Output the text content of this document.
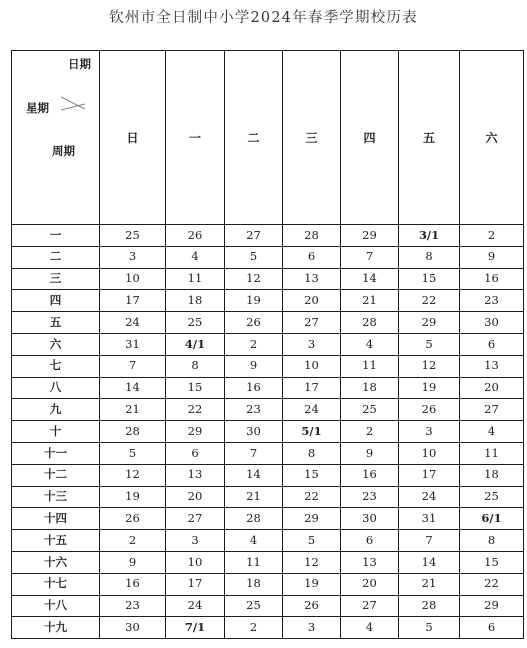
钦州市全日制中小学2024年春季学期校历表
日期
星期
周期	日	一	二	三	四	五	六
一	25	26	27	28	29	3/1	2
二	3	4	5	6	7	8	9
三	10	11	12	13	14	15	16
四	17	18	19	20	21	22	23
五	24	25	26	27	28	29	30
六	31	4/1	2	3	4	5	6
七	7	8	9	10	11	12	13
八	14	15	16	17	18	19	20
九	21	22	23	24	25	26	27
十	28	29	30	5/1	2	3	4
十一	5	6	7	8	9	10	11
十二	12	13	14	15	16	17	18
十三	19	20	21	22	23	24	25
十四	26	27	28	29	30	31	6/1
十五	2	3	4	5	6	7	8
十六	9	10	11	12	13	14	15
十七	16	17	18	19	20	21	22
十八	23	24	25	26	27	28	29
十九	30	7/1	2	3	4	5	6
